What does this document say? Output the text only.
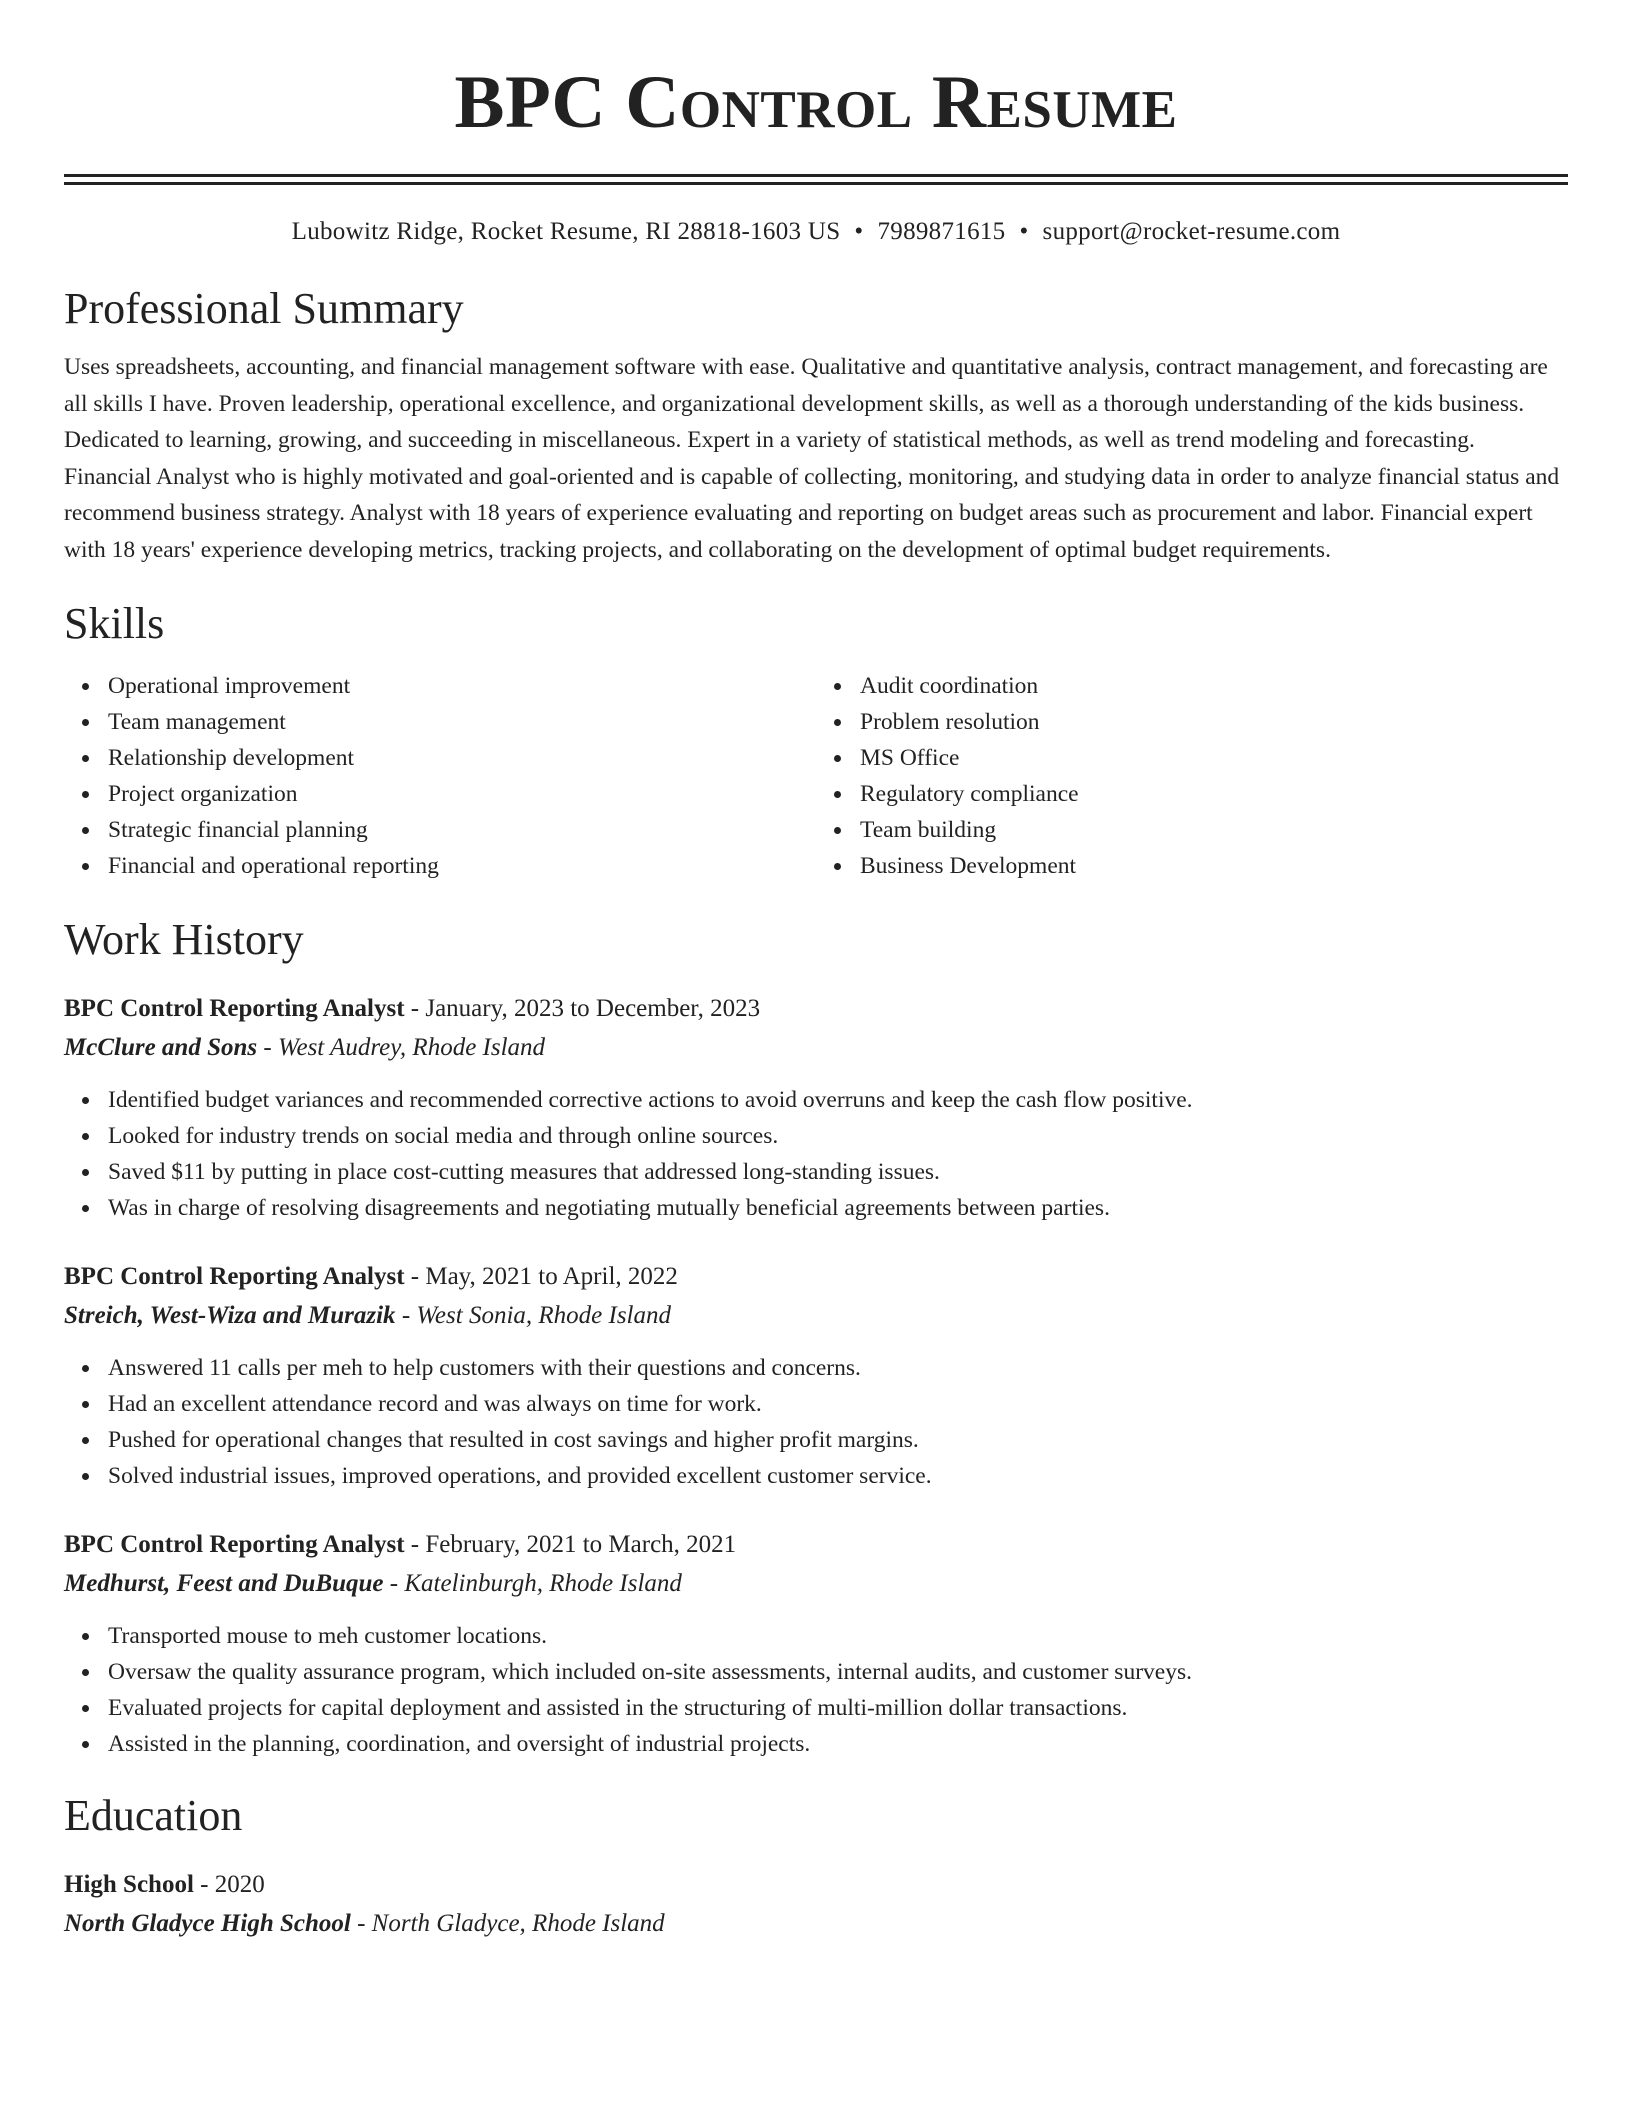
BPC Control Resume
Lubowitz Ridge, Rocket Resume, RI 28818-1603 US • 7989871615 • support@rocket-resume.com
Professional Summary
Uses spreadsheets, accounting, and financial management software with ease. Qualitative and quantitative analysis, contract management, and forecasting are all skills I have. Proven leadership, operational excellence, and organizational development skills, as well as a thorough understanding of the kids business. Dedicated to learning, growing, and succeeding in miscellaneous. Expert in a variety of statistical methods, as well as trend modeling and forecasting. Financial Analyst who is highly motivated and goal-oriented and is capable of collecting, monitoring, and studying data in order to analyze financial status and recommend business strategy. Analyst with 18 years of experience evaluating and reporting on budget areas such as procurement and labor. Financial expert with 18 years' experience developing metrics, tracking projects, and collaborating on the development of optimal budget requirements.
Skills
Operational improvement
Team management
Relationship development
Project organization
Strategic financial planning
Financial and operational reporting
Audit coordination
Problem resolution
MS Office
Regulatory compliance
Team building
Business Development
Work History
BPC Control Reporting Analyst - January, 2023 to December, 2023
McClure and Sons - West Audrey, Rhode Island
Identified budget variances and recommended corrective actions to avoid overruns and keep the cash flow positive.
Looked for industry trends on social media and through online sources.
Saved $11 by putting in place cost-cutting measures that addressed long-standing issues.
Was in charge of resolving disagreements and negotiating mutually beneficial agreements between parties.
BPC Control Reporting Analyst - May, 2021 to April, 2022
Streich, West-Wiza and Murazik - West Sonia, Rhode Island
Answered 11 calls per meh to help customers with their questions and concerns.
Had an excellent attendance record and was always on time for work.
Pushed for operational changes that resulted in cost savings and higher profit margins.
Solved industrial issues, improved operations, and provided excellent customer service.
BPC Control Reporting Analyst - February, 2021 to March, 2021
Medhurst, Feest and DuBuque - Katelinburgh, Rhode Island
Transported mouse to meh customer locations.
Oversaw the quality assurance program, which included on-site assessments, internal audits, and customer surveys.
Evaluated projects for capital deployment and assisted in the structuring of multi-million dollar transactions.
Assisted in the planning, coordination, and oversight of industrial projects.
Education
High School - 2020
North Gladyce High School - North Gladyce, Rhode Island
